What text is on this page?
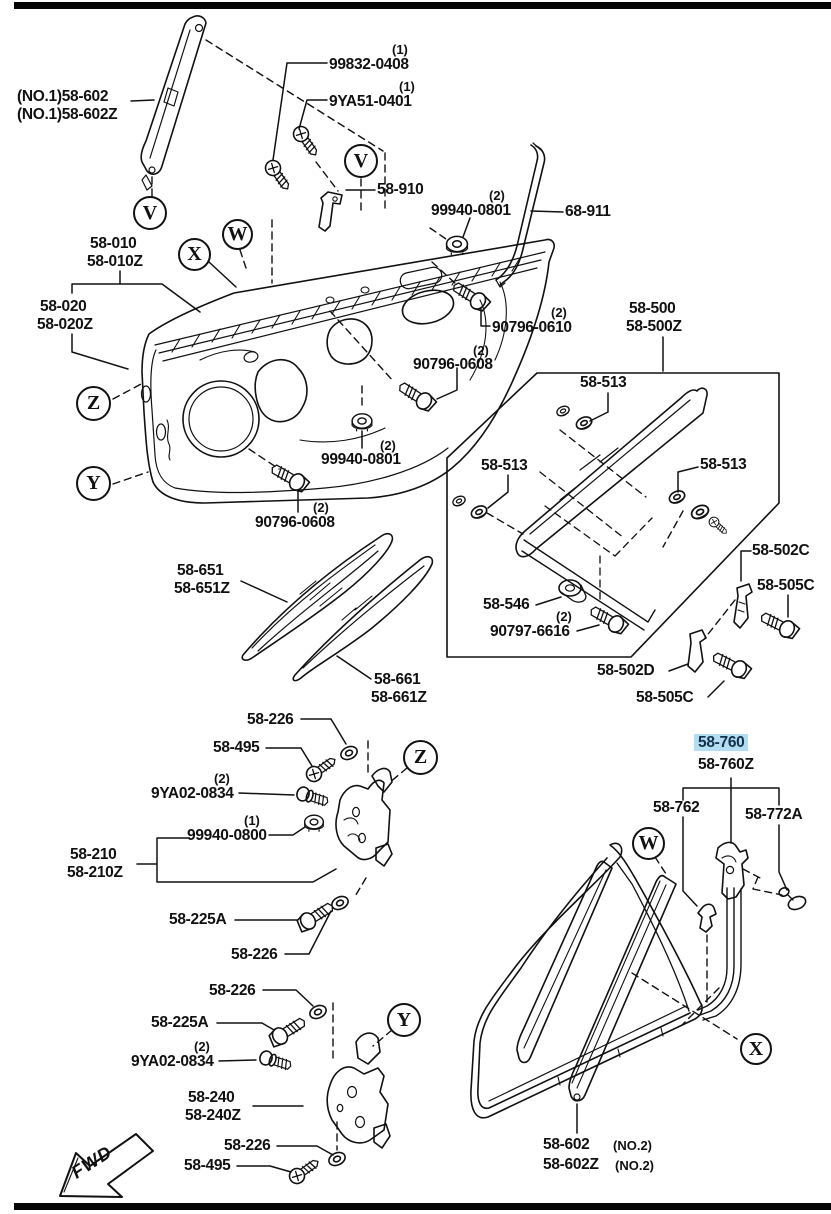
(NO.1)58-602
(NO.1)58-602Z
(1)
99832-0408
(1)
9YA51-0401
58-910	(2)
99940-0801	68-911
58-010
58-010Z
58-020
58-020Z
(2)
90796-0610
(2)
90796-0608
58-500
58-500Z
58-513
58-513	58-513
(2)
99940-0801
(2)
90796-0608
58-502C
58-505C
58-546
(2)
90797-6616
58-502D
58-505C
58-651
58-651Z
58-661
58-661Z
58-226
58-495
(2)
9YA02-0834
(1)
99940-0800
58-210
58-210Z
58-225A
58-226
58-226
58-225A
(2)
9YA02-0834
58-240
58-240Z
58-226
58-495
58-760
58-760Z
58-762	58-772A
58-602 (NO.2)
58-602Z (NO.2)
FWD
V
V
W
X
Z
Y
Z
Y
W
X
